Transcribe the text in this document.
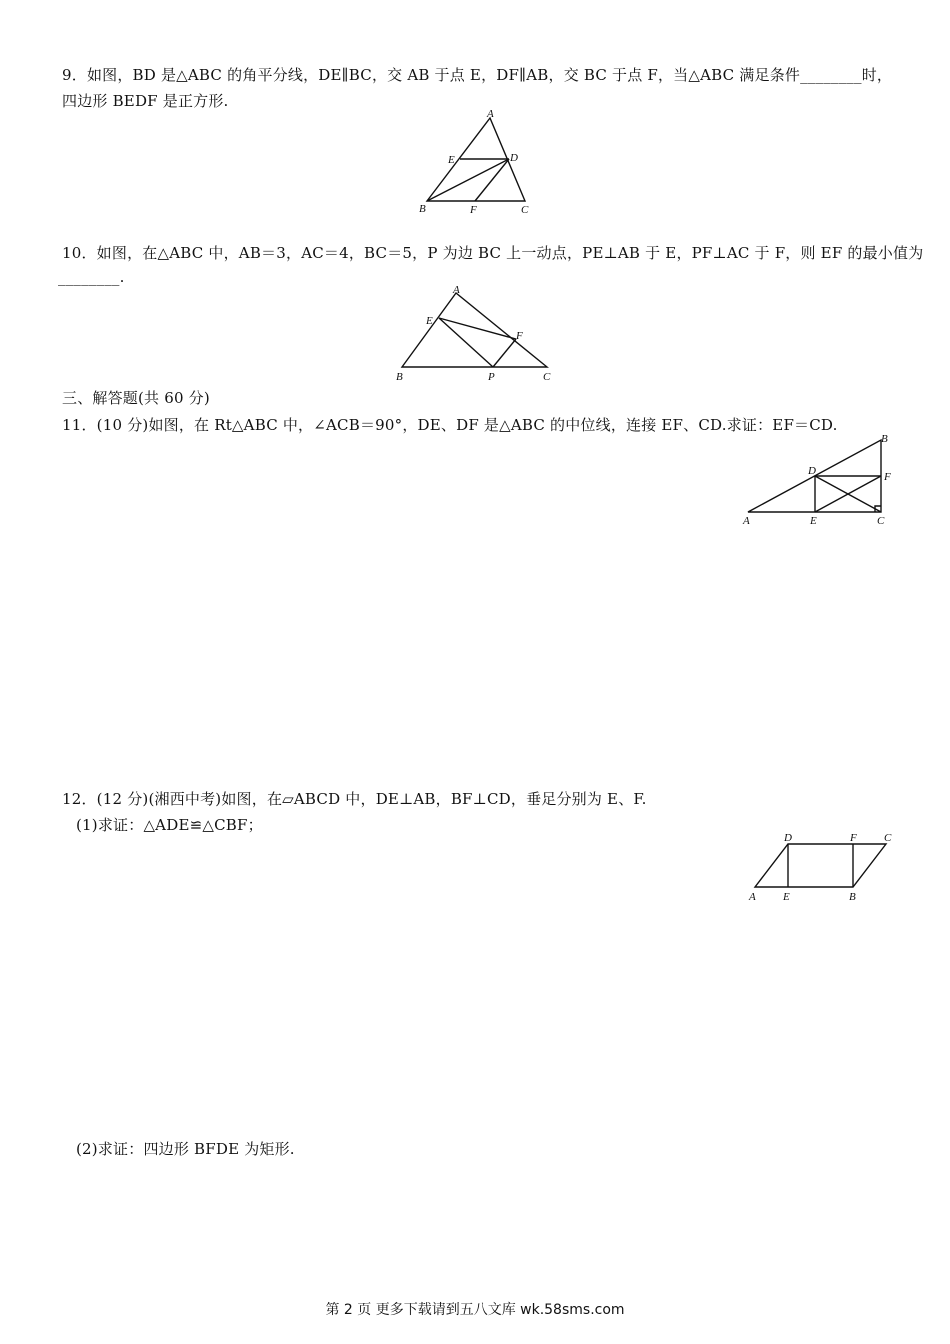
9．如图，BD 是△ABC 的角平分线，DE∥BC，交 AB 于点 E，DF∥AB，交 BC 于点 F，当△ABC 满足条件________时，
四边形 BEDF 是正方形.
A
E	D
B	F	C
10．如图，在△ABC 中，AB＝3，AC＝4，BC＝5，P 为边 BC 上一动点，PE⊥AB 于 E，PF⊥AC 于 F，则 EF 的最小值为
________.
A
E
F
B	P	C
三、解答题(共 60 分)
11．(10 分)如图，在 Rt△ABC 中，∠ACB＝90°，DE、DF 是△ABC 的中位线，连接 EF、CD.求证：EF＝CD.
B
D	F
A	E	C
12．(12 分)(湘西中考)如图，在▱ABCD 中，DE⊥AB，BF⊥CD，垂足分别为 E、F.
(1)求证：△ADE≌△CBF；
D	F C
A E	B
(2)求证：四边形 BFDE 为矩形.
第 2 页 更多下载请到五八文库 wk.58sms.com
